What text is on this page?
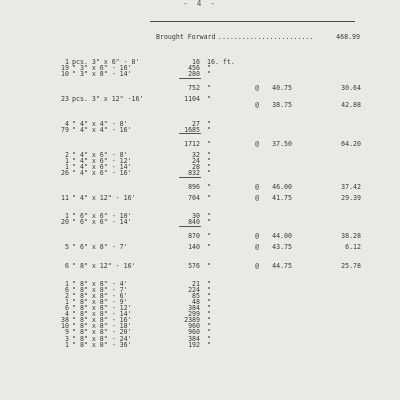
- 4 -
Brought Forward ........................	468.99
1 pcs. 3" x 6" - 8'	16 16. ft.
19 " 3" x 6" - 16'	456 "
10 " 3" x 8" - 14'	280 "
752 "	@	40.75	30.64
23 pcs. 3" x 12" -16'	1104 "
@	38.75	42.88
4 " 4" x 4" - 8'	27 "
79 " 4" x 4" - 16'	1685 "
1712 "	@	37.50	64.20
2 " 4" x 6" - 8'	32 "
1 " 4" x 6" - 12'	24 "
1 " 4" x 6" - 14'	28 "
26 " 4" x 6" - 16'	832 "
896 "	@	46.00	37.42
11 " 4" x 12" - 16'	704 "	@	41.75	29.39
1 " 6" x 6" - 10'	30 "
20 " 6" x 6" - 14'	840 "
870 "	@	44.00	38.28
5 " 6" x 8" - 7'	140 "	@	43.75	6.12
6 " 8" x 12" - 16'	576 "	@	44.75	25.78
1 " 8" x 8" - 4'	21 "
6 " 8" x 8" - 7'	224 "
2 " 8" x 8" - 6'	85 "
1 " 8" x 8" - 9'	48 "
6 " 8" x 8" - 12'	384 "
4 " 8" x 8" - 14'	299 "
38 " 8" x 8" - 16'	2389 "
10 " 8" x 8" - 18'	960 "
9 " 8" x 8" - 20'	960 "
3 " 8" x 8" - 24'	384 "
1 " 8" x 8" - 36'	192 "
